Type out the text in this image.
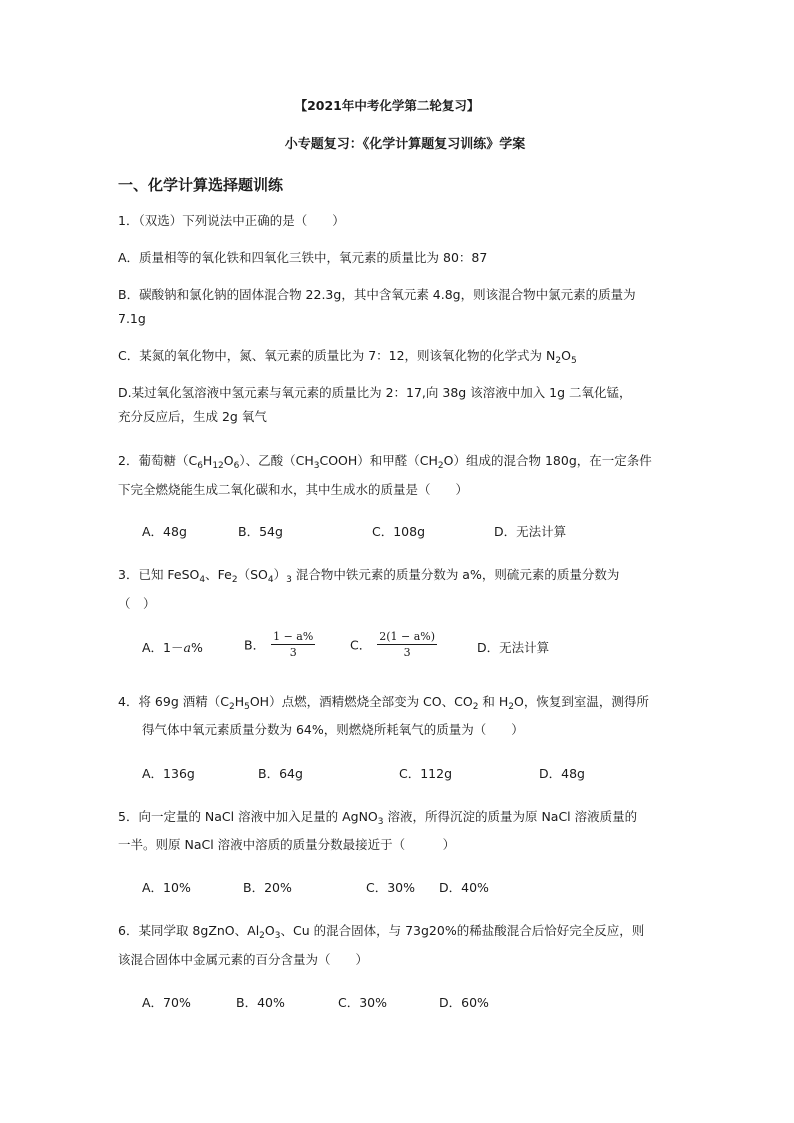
【2021年中考化学第二轮复习】
小专题复习：《化学计算题复习训练》学案
一、化学计算选择题训练
1．（双选）下列说法中正确的是（　　）
A．质量相等的氧化铁和四氧化三铁中，氧元素的质量比为 80：87
B．碳酸钠和氯化钠的固体混合物 22.3g，其中含氧元素 4.8g，则该混合物中氯元素的质量为
7.1g
C．某氮的氧化物中，氮、氧元素的质量比为 7：12，则该氧化物的化学式为 $N_2O_5$
D.某过氧化氢溶液中氢元素与氧元素的质量比为 2：17,向 38g 该溶液中加入 1g 二氧化锰，
充分反应后，生成 2g 氧气
2．葡萄糖$(C_6H_{12}O_6)$、乙酸$(CH_3COOH)$和甲醛$(CH_2O)$组成的混合物 180g，在一定条件
下完全燃烧能生成二氧化碳和水，其中生成水的质量是（　　）
A．48g	B．54g	C．108g	D．无法计算
3．已知 FeSO$_4$、$Fe_2(SO_4)_3$ 混合物中铁元素的质量分数为 a%，则硫元素的质量分数为
（　）
A．1－a%	B． $\frac{1 - a\%}{3}$	C． $\frac{2(1 - a\%)}{3}$	D．无法计算
4．将 69g 酒精$(C_2H_5OH)$点燃，酒精燃烧全部变为 CO、$CO_2$ 和 $H_2O$，恢复到室温，测得所
得气体中氧元素质量分数为 64%，则燃烧所耗氧气的质量为（　　）
A．136g	B．64g	C．112g	D．48g
5．向一定量的 NaCl 溶液中加入足量的 AgNO$_3$ 溶液，所得沉淀的质量为原 NaCl 溶液质量的
一半。则原 NaCl 溶液中溶质的质量分数最接近于（　　　）
A．10%	B．20%	C．30% D．40%
6．某同学取 8gZnO、$Al_2O_3$、Cu 的混合固体，与 73g20%的稀盐酸混合后恰好完全反应，则
该混合固体中金属元素的百分含量为（　　）
A．70%	B．40%	C．30%	D．60%
